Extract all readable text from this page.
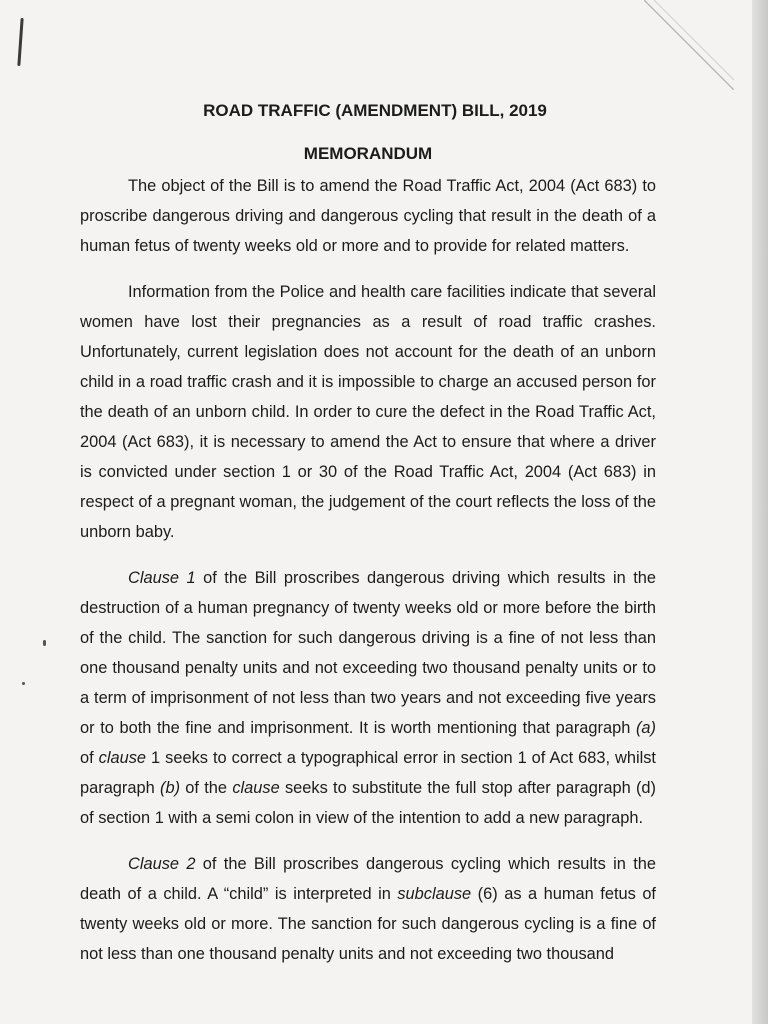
ROAD TRAFFIC (AMENDMENT) BILL, 2019
MEMORANDUM

The object of the Bill is to amend the Road Traffic Act, 2004 (Act 683) to proscribe dangerous driving and dangerous cycling that result in the death of a human fetus of twenty weeks old or more and to provide for related matters.

Information from the Police and health care facilities indicate that several women have lost their pregnancies as a result of road traffic crashes. Unfortunately, current legislation does not account for the death of an unborn child in a road traffic crash and it is impossible to charge an accused person for the death of an unborn child. In order to cure the defect in the Road Traffic Act, 2004 (Act 683), it is necessary to amend the Act to ensure that where a driver is convicted under section 1 or 30 of the Road Traffic Act, 2004 (Act 683) in respect of a pregnant woman, the judgement of the court reflects the loss of the unborn baby.

Clause 1 of the Bill proscribes dangerous driving which results in the destruction of a human pregnancy of twenty weeks old or more before the birth of the child. The sanction for such dangerous driving is a fine of not less than one thousand penalty units and not exceeding two thousand penalty units or to a term of imprisonment of not less than two years and not exceeding five years or to both the fine and imprisonment. It is worth mentioning that paragraph (a) of clause 1 seeks to correct a typographical error in section 1 of Act 683, whilst paragraph (b) of the clause seeks to substitute the full stop after paragraph (d) of section 1 with a semi colon in view of the intention to add a new paragraph.

Clause 2 of the Bill proscribes dangerous cycling which results in the death of a child. A “child” is interpreted in subclause (6) as a human fetus of twenty weeks old or more. The sanction for such dangerous cycling is a fine of not less than one thousand penalty units and not exceeding two thousand
